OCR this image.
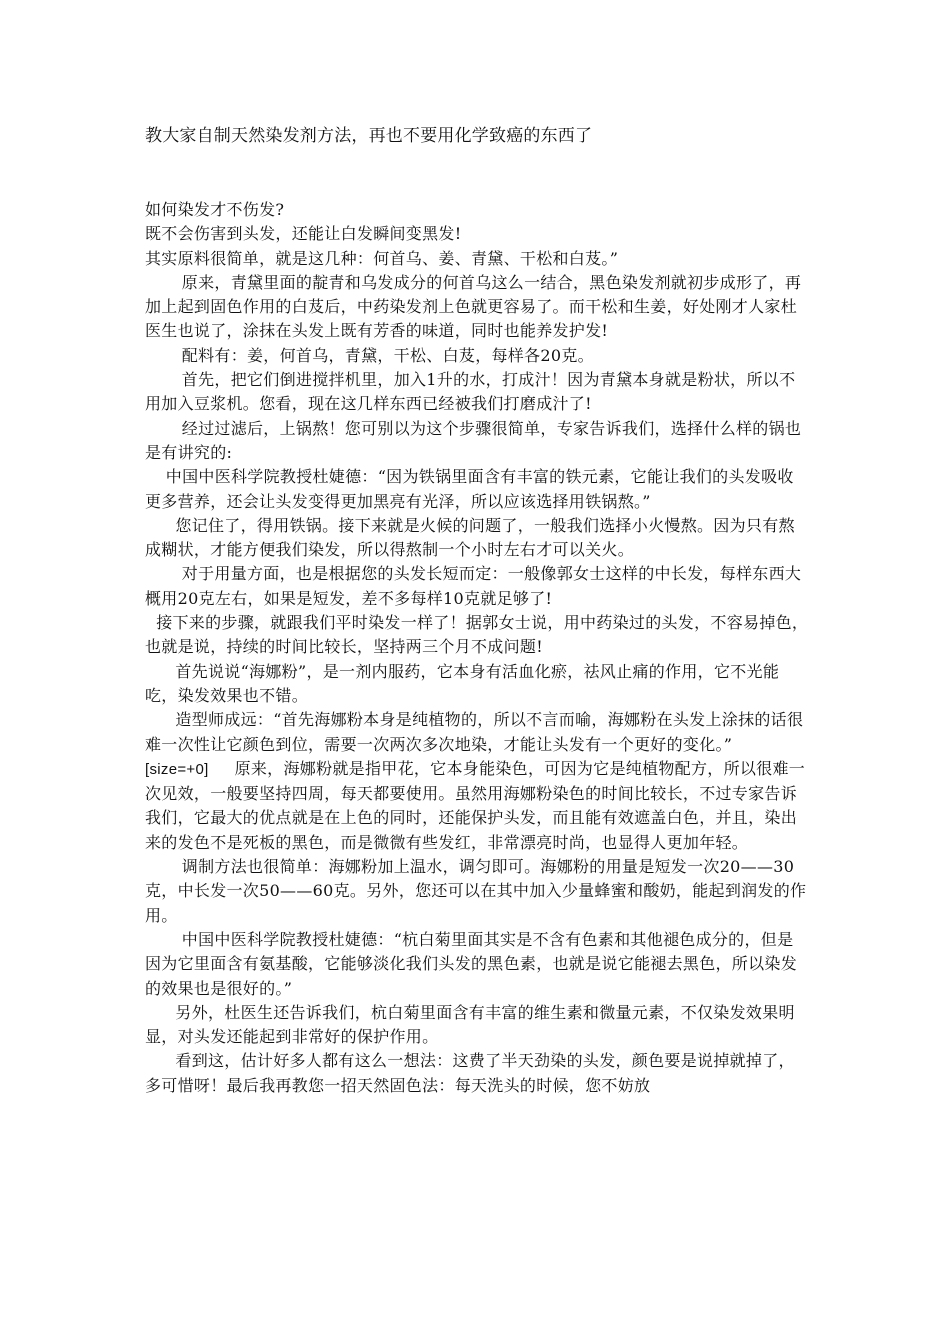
教大家自制天然染发剂方法，再也不要用化学致癌的东西了

如何染发才不伤发?

既不会伤害到头发，还能让白发瞬间变黑发!

其实原料很简单，就是这几种：何首乌、姜、青黛、干松和白芨。”

原来，青黛里面的靛青和乌发成分的何首乌这么一结合，黑色染发剂就初步成形了，再加上起到固色作用的白芨后，中药染发剂上色就更容易了。而干松和生姜，好处刚才人家杜医生也说了，涂抹在头发上既有芳香的味道，同时也能养发护发!

配料有：姜，何首乌，青黛，干松、白芨，每样各20克。

首先，把它们倒进搅拌机里，加入1升的水，打成汁！因为青黛本身就是粉状，所以不用加入豆浆机。您看，现在这几样东西已经被我们打磨成汁了!

经过过滤后，上锅熬！您可别以为这个步骤很简单，专家告诉我们，选择什么样的锅也是有讲究的:

中国中医科学院教授杜婕德：“因为铁锅里面含有丰富的铁元素，它能让我们的头发吸收更多营养，还会让头发变得更加黑亮有光泽，所以应该选择用铁锅熬。”

您记住了，得用铁锅。接下来就是火候的问题了，一般我们选择小火慢熬。因为只有熬成糊状，才能方便我们染发，所以得熬制一个小时左右才可以关火。

对于用量方面，也是根据您的头发长短而定：一般像郭女士这样的中长发，每样东西大概用20克左右，如果是短发，差不多每样10克就足够了!

接下来的步骤，就跟我们平时染发一样了！据郭女士说，用中药染过的头发，不容易掉色，也就是说，持续的时间比较长，坚持两三个月不成问题!

首先说说“海娜粉”，是一剂内服药，它本身有活血化瘀，祛风止痛的作用，它不光能吃，染发效果也不错。

造型师成远：“首先海娜粉本身是纯植物的，所以不言而喻，海娜粉在头发上涂抹的话很难一次性让它颜色到位，需要一次两次多次地染，才能让头发有一个更好的变化。”

[size=+0] 原来，海娜粉就是指甲花，它本身能染色，可因为它是纯植物配方，所以很难一次见效，一般要坚持四周，每天都要使用。虽然用海娜粉染色的时间比较长，不过专家告诉我们，它最大的优点就是在上色的同时，还能保护头发，而且能有效遮盖白色，并且，染出来的发色不是死板的黑色，而是微微有些发红，非常漂亮时尚，也显得人更加年轻。

调制方法也很简单：海娜粉加上温水，调匀即可。海娜粉的用量是短发一次20——30克，中长发一次50——60克。另外，您还可以在其中加入少量蜂蜜和酸奶，能起到润发的作用。

中国中医科学院教授杜婕德：“杭白菊里面其实是不含有色素和其他褪色成分的，但是因为它里面含有氨基酸，它能够淡化我们头发的黑色素，也就是说它能褪去黑色，所以染发的效果也是很好的。”

另外，杜医生还告诉我们，杭白菊里面含有丰富的维生素和微量元素，不仅染发效果明显，对头发还能起到非常好的保护作用。

看到这，估计好多人都有这么一想法：这费了半天劲染的头发，颜色要是说掉就掉了，多可惜呀！最后我再教您一招天然固色法：每天洗头的时候，您不妨放
